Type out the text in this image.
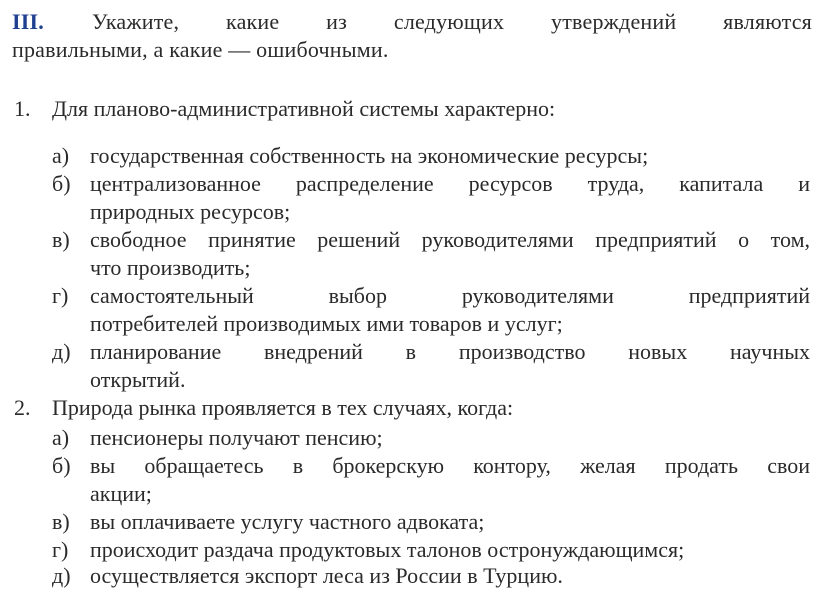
III. Укажите, какие из следующих утверждений являются
правильными, а какие — ошибочными.
1. Для планово-административной системы характерно:
а) государственная собственность на экономические ресурсы;
б) централизованное распределение ресурсов труда, капитала и
природных ресурсов;
в) свободное принятие решений руководителями предприятий о том,
что производить;
г) самостоятельный выбор руководителями предприятий
потребителей производимых ими товаров и услуг;
д) планирование внедрений в производство новых научных
открытий.
2. Природа рынка проявляется в тех случаях, когда:
а) пенсионеры получают пенсию;
б) вы обращаетесь в брокерскую контору, желая продать свои
акции;
в) вы оплачиваете услугу частного адвоката;
г) происходит раздача продуктовых талонов остронуждающимся;
д) осуществляется экспорт леса из России в Турцию.
